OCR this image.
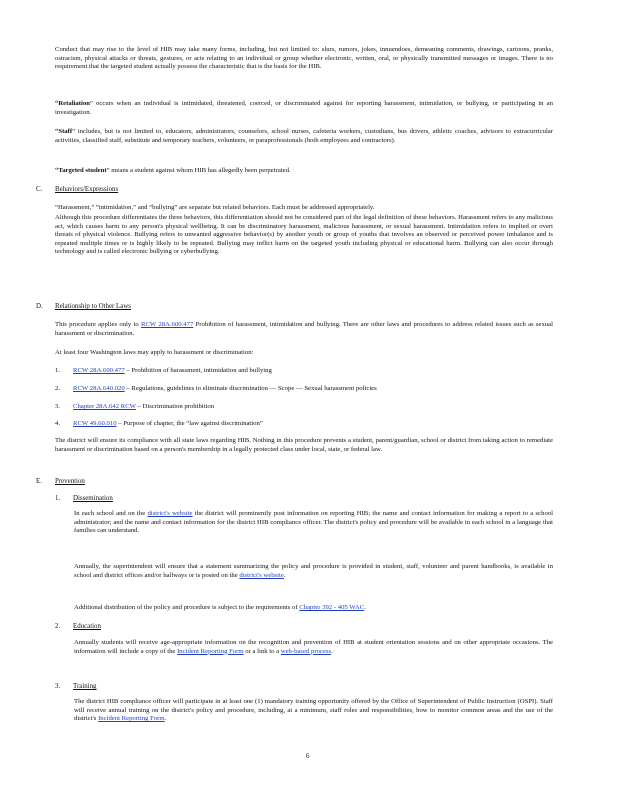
Conduct that may rise to the level of HIB may take many forms, including, but not limited to: slurs, rumors, jokes, innuendoes, demeaning comments, drawings, cartoons, pranks, ostracism, physical attacks or threats, gestures, or acts relating to an individual or group whether electronic, written, oral, or physically transmitted messages or images. There is no requirement that the targeted student actually possess the characteristic that is the basis for the HIB.

“Retaliation” occurs when an individual is intimidated, threatened, coerced, or discriminated against for reporting harassment, intimidation, or bullying, or participating in an investigation.

“Staff” includes, but is not limited to, educators, administrators, counselors, school nurses, cafeteria workers, custodians, bus drivers, athletic coaches, advisors to extracurricular activities, classified staff, substitute and temporary teachers, volunteers, or paraprofessionals (both employees and contractors).

“Targeted student” means a student against whom HIB has allegedly been perpetrated.

C. Behaviors/Expressions

“Harassment,” “intimidation,” and “bullying” are separate but related behaviors. Each must be addressed appropriately.

Although this procedure differentiates the three behaviors, this differentiation should not be considered part of the legal definition of these behaviors. Harassment refers to any malicious act, which causes harm to any person's physical wellbeing. It can be discriminatory harassment, malicious harassment, or sexual harassment. Intimidation refers to implied or overt threats of physical violence. Bullying refers to unwanted aggressive behavior(s) by another youth or group of youths that involves an observed or perceived power imbalance and is repeated multiple times or is highly likely to be repeated. Bullying may inflict harm on the targeted youth including physical or educational harm. Bullying can also occur through technology and is called electronic bullying or cyberbullying.

D. Relationship to Other Laws

This procedure applies only to RCW 28A.600.477 Prohibition of harassment, intimidation and bullying. There are other laws and procedures to address related issues such as sexual harassment or discrimination.

At least four Washington laws may apply to harassment or discrimination:

1. RCW 28A.600.477 – Prohibition of harassment, intimidation and bullying
2. RCW 28A.640.020 – Regulations, guidelines to eliminate discrimination — Scope — Sexual harassment policies
3. Chapter 28A.642 RCW – Discrimination prohibition
4. RCW 49.60.010 – Purpose of chapter, the “law against discrimination”

The district will ensure its compliance with all state laws regarding HIB. Nothing in this procedure prevents a student, parent/guardian, school or district from taking action to remediate harassment or discrimination based on a person's membership in a legally protected class under local, state, or federal law.

E. Prevention
1. Dissemination

In each school and on the district's website the district will prominently post information on reporting HIB; the name and contact information for making a report to a school administrator; and the name and contact information for the district HIB compliance officer. The district's policy and procedure will be available in each school in a language that families can understand.

Annually, the superintendent will ensure that a statement summarizing the policy and procedure is provided in student, staff, volunteer and parent handbooks, is available in school and district offices and/or hallways or is posted on the district's website.

Additional distribution of the policy and procedure is subject to the requirements of Chapter 392 - 405 WAC.

2. Education

Annually students will receive age-appropriate information on the recognition and prevention of HIB at student orientation sessions and on other appropriate occasions. The information will include a copy of the Incident Reporting Form or a link to a web-based process.

3. Training

The district HIB compliance officer will participate in at least one (1) mandatory training opportunity offered by the Office of Superintendent of Public Instruction (OSPI). Staff will receive annual training on the district's policy and procedure, including, at a minimum, staff roles and responsibilities, how to monitor common areas and the use of the district's Incident Reporting Form.

6
